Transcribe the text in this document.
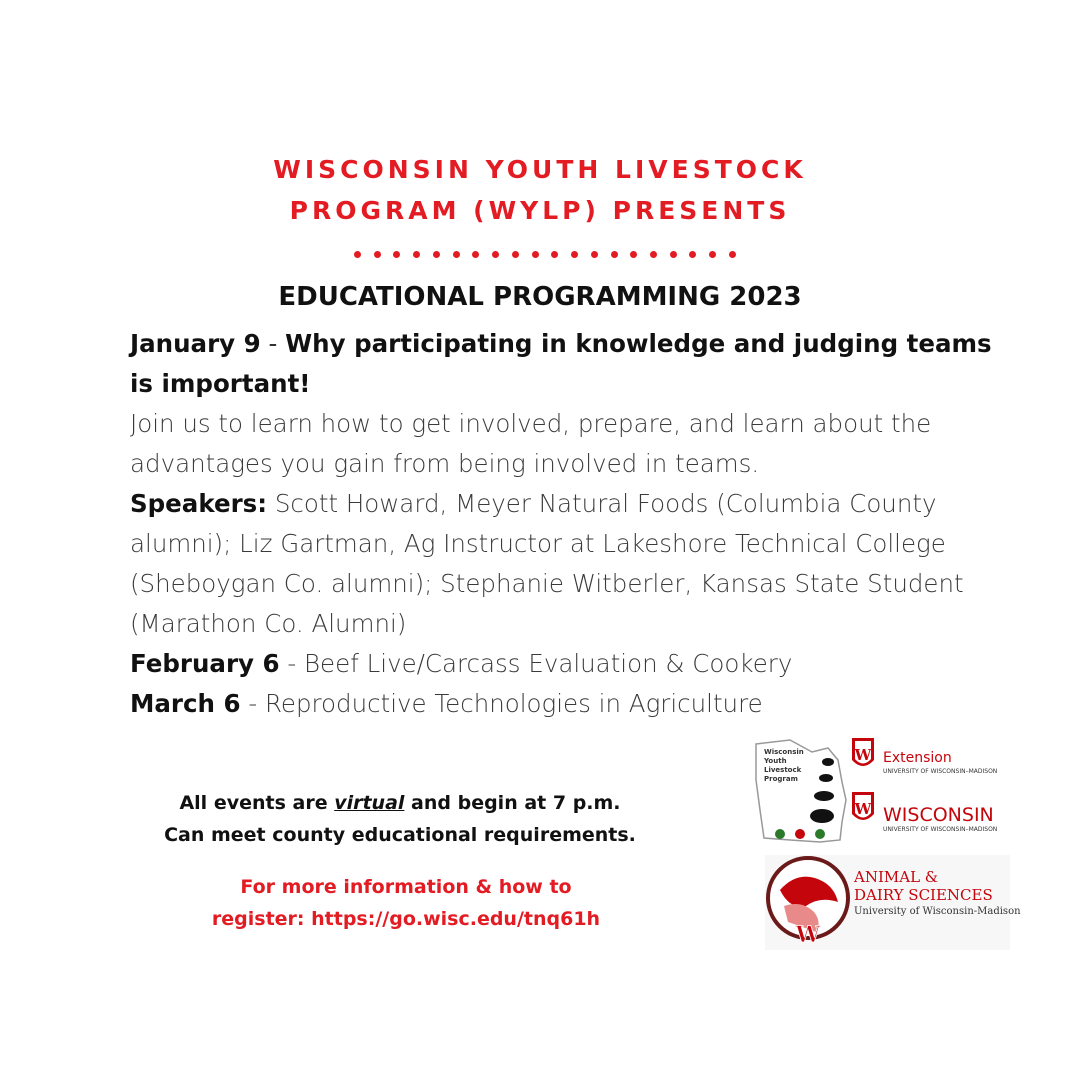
WISCONSIN YOUTH LIVESTOCK
PROGRAM (WYLP) PRESENTS
EDUCATIONAL PROGRAMMING 2023

January 9 - Why participating in knowledge and judging teams is important!

Join us to learn how to get involved, prepare, and learn about the advantages you gain from being involved in teams.

Speakers: Scott Howard, Meyer Natural Foods (Columbia County alumni); Liz Gartman, Ag Instructor at Lakeshore Technical College (Sheboygan Co. alumni); Stephanie Witberler, Kansas State Student (Marathon Co. Alumni)

February 6 - Beef Live/Carcass Evaluation & Cookery

March 6 - Reproductive Technologies in Agriculture

All events are virtual and begin at 7 p.m.
Can meet county educational requirements.
For more information & how to
register: https://go.wisc.edu/tnq61h
Wisconsin
Youth
Livestock
Program
W Extension
UNIVERSITY OF WISCONSIN–MADISON
W WISCONSIN
UNIVERSITY OF WISCONSIN–MADISON
W
ANIMAL &
DAIRY SCIENCES
University of Wisconsin-Madison
